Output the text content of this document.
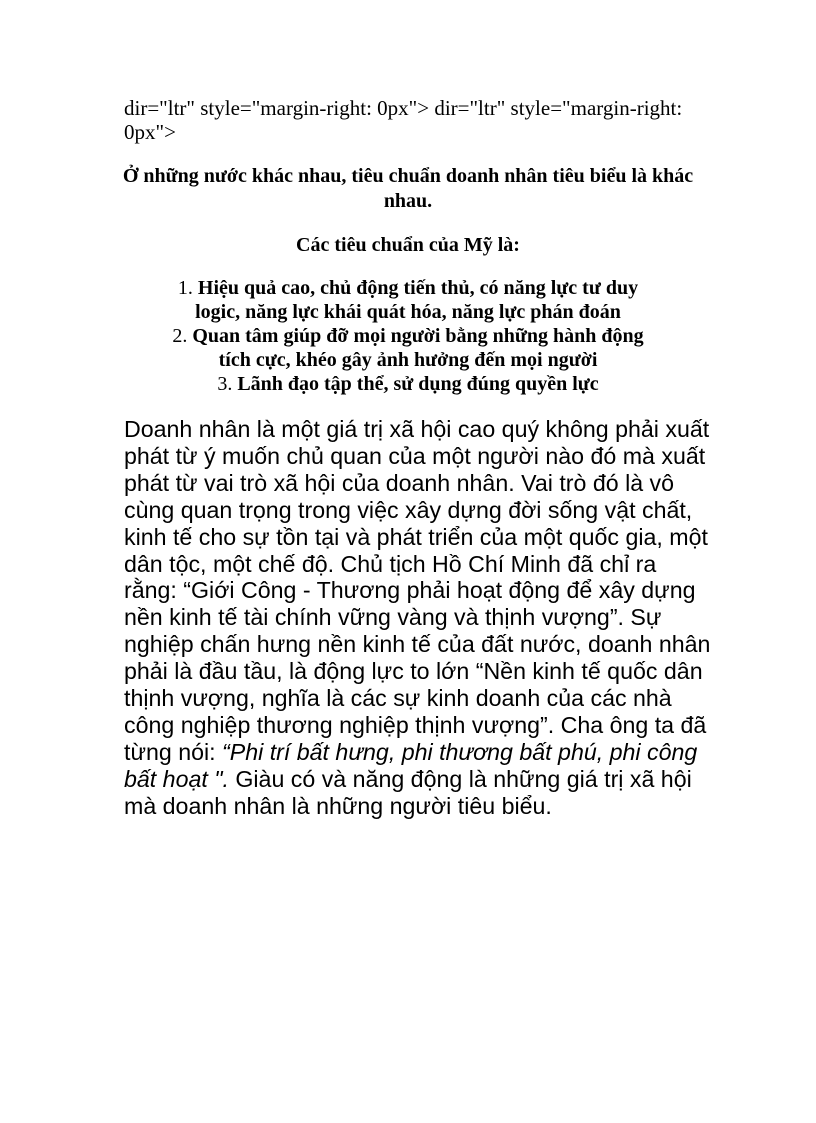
dir="ltr" style="margin-right: 0px"> dir="ltr" style="margin-right: 0px">
Ở những nước khác nhau, tiêu chuẩn doanh nhân tiêu biểu là khác nhau.
Các tiêu chuẩn của Mỹ là:
1. Hiệu quả cao, chủ động tiến thủ, có năng lực tư duy
logic, năng lực khái quát hóa, năng lực phán đoán
2. Quan tâm giúp đỡ mọi người bằng những hành động
tích cực, khéo gây ảnh hưởng đến mọi người
3. Lãnh đạo tập thể, sử dụng đúng quyền lực

Doanh nhân là một giá trị xã hội cao quý không phải xuất phát từ ý muốn chủ quan của một người nào đó mà xuất phát từ vai trò xã hội của doanh nhân. Vai trò đó là vô cùng quan trọng trong việc xây dựng đời sống vật chất, kinh tế cho sự tồn tại và phát triển của một quốc gia, một dân tộc, một chế độ. Chủ tịch Hồ Chí Minh đã chỉ ra rằng: “Giới Công - Thương phải hoạt động để xây dựng nền kinh tế tài chính vững vàng và thịnh vượng”. Sự nghiệp chấn hưng nền kinh tế của đất nước, doanh nhân phải là đầu tầu, là động lực to lớn “Nền kinh tế quốc dân thịnh vượng, nghĩa là các sự kinh doanh của các nhà công nghiệp thương nghiệp thịnh vượng”. Cha ông ta đã từng nói: “Phi trí bất hưng, phi thương bất phú, phi công bất hoạt ". Giàu có và năng động là những giá trị xã hội mà doanh nhân là những người tiêu biểu.
